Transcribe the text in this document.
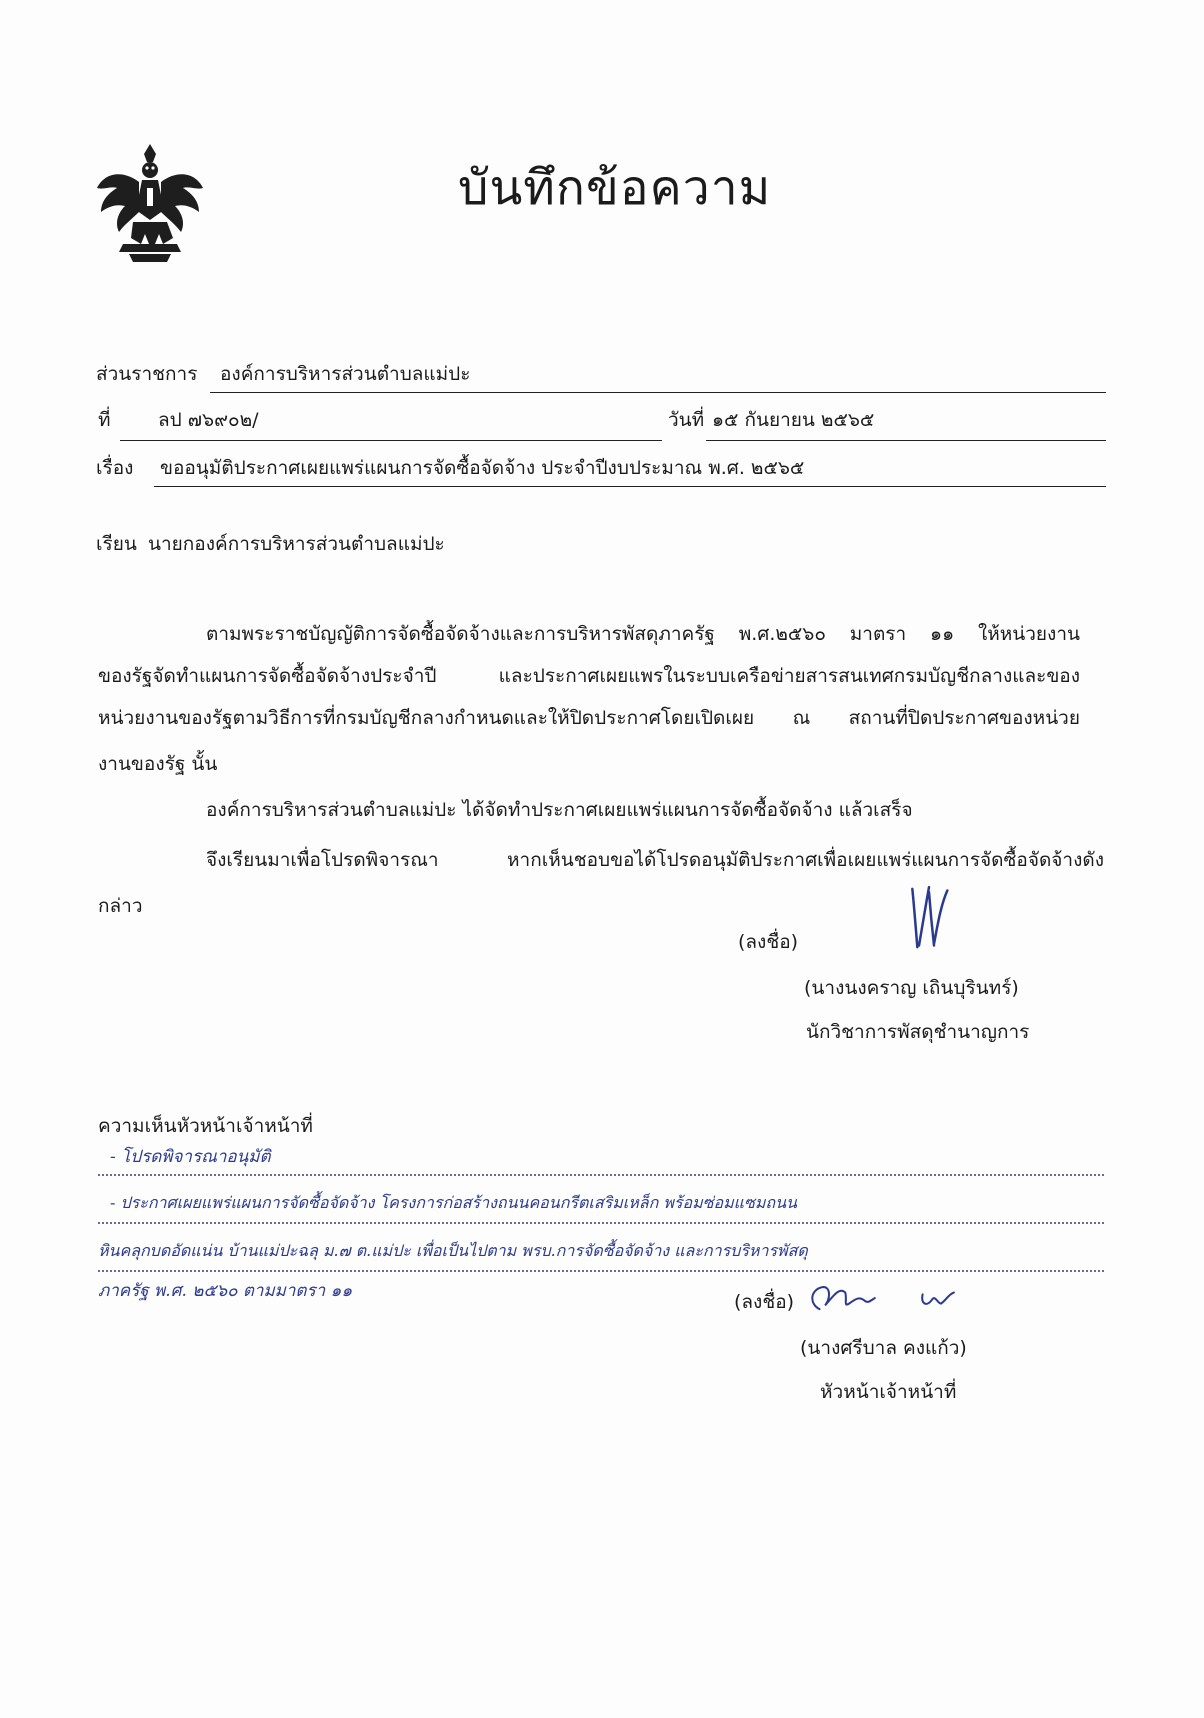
บันทึกข้อความ
ส่วนราชการ องค์การบริหารส่วนตำบลแม่ปะ
ที่ ลป ๗๖๙๐๒/	วันที่ ๑๕ กันยายน ๒๕๖๕
เรื่อง ขออนุมัติประกาศเผยแพร่แผนการจัดซื้อจัดจ้าง ประจำปีงบประมาณ พ.ศ. ๒๕๖๕
เรียน นายกองค์การบริหารส่วนตำบลแม่ปะ
ตามพระราชบัญญัติการจัดซื้อจัดจ้างและการบริหารพัสดุภาครัฐ พ.ศ.๒๕๖๐ มาตรา ๑๑ ให้หน่วยงาน
ของรัฐจัดทำแผนการจัดซื้อจัดจ้างประจำปี และประกาศเผยแพรในระบบเครือข่ายสารสนเทศกรมบัญชีกลางและของ
หน่วยงานของรัฐตามวิธีการที่กรมบัญชีกลางกำหนดและให้ปิดประกาศโดยเปิดเผย ณ สถานที่ปิดประกาศของหน่วย
งานของรัฐ นั้น
องค์การบริหารส่วนตำบลแม่ปะ ได้จัดทำประกาศเผยแพร่แผนการจัดซื้อจัดจ้าง แล้วเสร็จ
จึงเรียนมาเพื่อโปรดพิจารณา หากเห็นชอบขอได้โปรดอนุมัติประกาศเพื่อเผยแพร่แผนการจัดซื้อจัดจ้างดัง
กล่าว
(ลงชื่อ)
(นางนงคราญ เถินบุรินทร์)
นักวิชาการพัสดุชำนาญการ
ความเห็นหัวหน้าเจ้าหน้าที่
- โปรดพิจารณาอนุมัติ
- ประกาศเผยแพร่แผนการจัดซื้อจัดจ้าง โครงการก่อสร้างถนนคอนกรีตเสริมเหล็ก พร้อมซ่อมแซมถนน
หินคลุกบดอัดแน่น บ้านแม่ปะฉลุ ม.๗ ต.แม่ปะ เพื่อเป็นไปตาม พรบ.การจัดซื้อจัดจ้าง และการบริหารพัสดุ
ภาครัฐ พ.ศ. ๒๕๖๐ ตามมาตรา ๑๑	(ลงชื่อ)
(นางศรีบาล คงแก้ว)
หัวหน้าเจ้าหน้าที่
